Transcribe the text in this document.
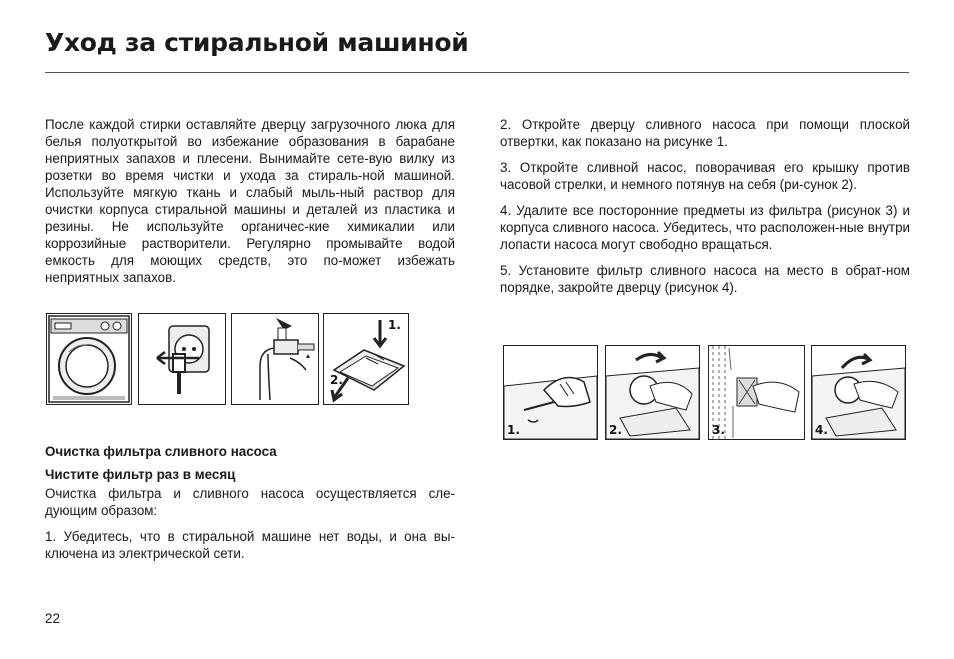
Уход за стиральной машиной

После каждой стирки оставляйте дверцу загрузочного люка для белья полуоткрытой во избежание образования в барабане неприятных запахов и плесени. Вынимайте сете-вую вилку из розетки во время чистки и ухода за стираль-ной машиной. Используйте мягкую ткань и слабый мыль-ный раствор для очистки корпуса стиральной машины и деталей из пластика и резины. Не используйте органичес-кие химикалии или коррозийные растворители. Регулярно промывайте водой емкость для моющих средств, это по-может избежать неприятных запахов.

1.
2.
Очистка фильтра сливного насоса
Чистите фильтр раз в месяц

Очистка фильтра и сливного насоса осуществляется сле-дующим образом:

1. Убедитесь, что в стиральной машине нет воды, и она вы-ключена из электрической сети.

2. Откройте дверцу сливного насоса при помощи плоской отвертки, как показано на рисунке 1.

3. Откройте сливной насос, поворачивая его крышку против часовой стрелки, и немного потянув на себя (ри-сунок 2).

4. Удалите все посторонние предметы из фильтра (рисунок 3) и корпуса сливного насоса. Убедитесь, что расположен-ные внутри лопасти насоса могут свободно вращаться.

5. Установите фильтр сливного насоса на место в обрат-ном порядке, закройте дверцу (рисунок 4).

1.	2.	3.	4.
22
